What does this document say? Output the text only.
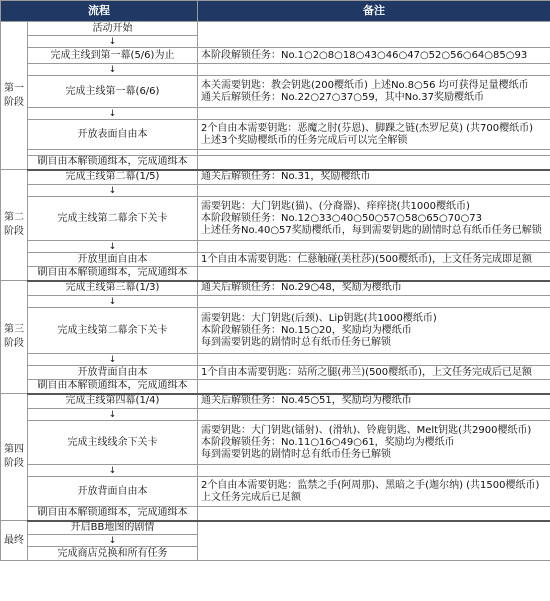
流程		备注
第一阶段	活动开始	
	↓	
	完成主线到第一幕(5/6)为止	本阶段解锁任务：No.1○2○8○18○43○46○47○52○56○64○85○93
	↓	
	完成主线第一幕(6/6)	本关需要钥匙：教会钥匙(200樱纸币) 上述No.8○56 均可获得足量樱纸币
通关后解锁任务：No.22○27○37○59，其中No.37奖励樱纸币

	↓	
	开放表面自由本	2个自由本需要钥匙：恶魔之肘(芬恩)、脚踝之链(杰罗尼莫) (共700樱纸币)
上述3个奖励樱纸币的任务完成后可以完全解锁

	刷自由本解锁通缉本，完成通缉本	
第二阶段	完成主线第二幕(1/5)	通关后解锁任务：No.31，奖励樱纸币
	↓	
	完成主线第二幕余下关卡	需要钥匙：大门钥匙(猫)、(分裔器)、痒痒挠(共1000樱纸币)
本阶段解锁任务：No.12○33○40○50○57○58○65○70○73
上述任务No.40○57奖励樱纸币，每到需要钥匙的剧情时总有纸币任务已解锁

	↓	
	开放里面自由本	1个自由本需要钥匙：仁慈触碰(美杜莎)(500樱纸币)，上文任务完成即足额

	刷自由本解锁通缉本，完成通缉本	
第三阶段	完成主线第三幕(1/3)	通关后解锁任务：No.29○48，奖励为樱纸币
	↓	
	完成主线第二幕余下关卡	需要钥匙：大门钥匙(后颈)、Lip钥匙(共1000樱纸币)
本阶段解锁任务：No.15○20，奖励均为樱纸币
每到需要钥匙的剧情时总有纸币任务已解锁

	↓	
	开放背面自由本	1个自由本需要钥匙：站所之腿(弗兰)(500樱纸币)，上文任务完成后已足额
	刷自由本解锁通缉本，完成通缉本	
第四阶段	完成主线第四幕(1/4)	通关后解锁任务：No.45○51，奖励均为樱纸币
	↓	
	完成主线线余下关卡	需要钥匙：大门钥匙(镭射)、(滑轨)、铃鹿钥匙、Melt钥匙(共2900樱纸币)
本阶段解锁任务：No.11○16○49○61，奖励均为樱纸币
每到需要钥匙的剧情时总有纸币任务已解锁

	↓	
	开放背面自由本	2个自由本需要钥匙：监禁之手(阿周那)、黑暗之手(迦尔纳) (共1500樱纸币)
上文任务完成后已足额

	刷自由本解锁通缉本，完成通缉本	
最终	开启BB地图的剧情	
	↓	
	完成商店兑换和所有任务	
